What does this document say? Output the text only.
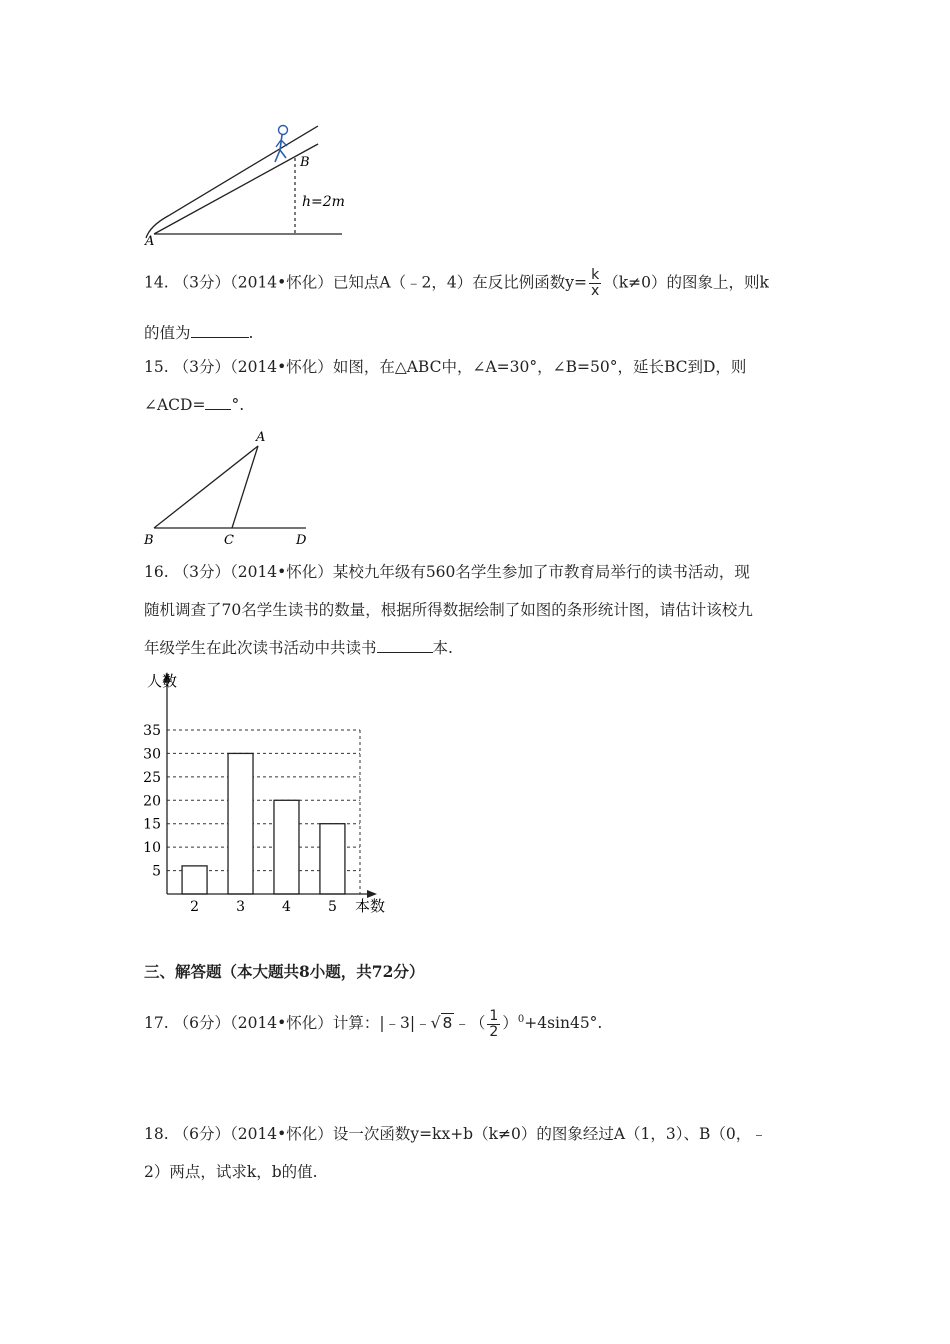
A
B
h=2m
14. （3分）（2014•怀化）已知点A（﹣2，4）在反比例函数$y= \frac{k}{x} (k\ne 0)$的图象上，则k
的值为	.
15. （3分）（2014•怀化）如图，在△ABC中，∠A=30°，∠B=50°，延长BC到D，则
∠ACD= °.
A
B	C	D
16. （3分）（2014•怀化）某校九年级有560名学生参加了市教育局举行的读书活动，现
随机调查了70名学生读书的数量，根据所得数据绘制了如图的条形统计图，请估计该校九
年级学生在此次读书活动中共读书	本.
5
10
15
20
25
30
35
2	3	4	5
人数
本数
三、解答题（本大题共8小题，共72分）
17. （6分）（2014•怀化）计算：|﹣3|﹣√ 8 ﹣（ $\frac{1}{2} )^0+4\sin 45^\circ$.
18. （6分）（2014•怀化）设一次函数y=kx+b（k≠0）的图象经过A（1，3）、B（0，﹣
2）两点，试求k，b的值.
